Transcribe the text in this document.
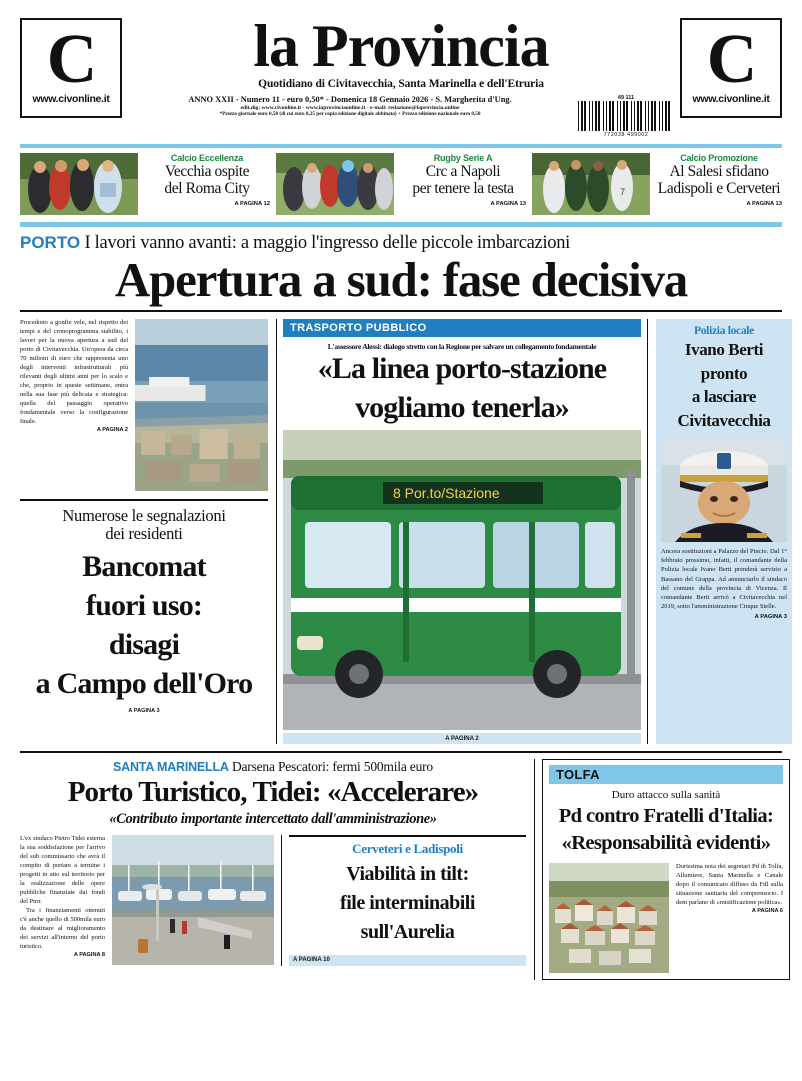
C
www.civonline.it
la Provincia
Quotidiano di Civitavecchia, Santa Marinella e dell'Etruria
ANNO XXII - Numero 11 - euro 0,50* - Domenica 18 Gennaio 2026 - S. Margherita d'Ung.
edit.dig: www.civonline.it - www.laprovinciaonline.it - e-mail: redazione@laprovincia.online
*Prezzo giornale euro 0,50 (di cui euro 0,25 per copia edizione digitale abbinata) + Prezzo edizione nazionale euro 0,50
49 111
772038 499002
C
www.civonline.it
Calcio Eccellenza
Vecchia ospite
del Roma City
A PAGINA 12
Rugby Serie A
Crc a Napoli
per tenere la testa
A PAGINA 13
9	7
Calcio Promozione
Al Salesi sfidano
Ladispoli e Cerveteri
A PAGINA 13
PORTO I lavori vanno avanti: a maggio l'ingresso delle piccole imbarcazioni
Apertura a sud: fase decisiva
Procedono a gonfie vele, nel rispetto dei tempi e del cronoprogramma stabilito, i lavori per la nuova apertura a sud del porto di Civitavecchia. Un'opera da circa 70 milioni di euro che rappresenta uno degli interventi infrastrutturali più rilevanti degli ultimi anni per lo scalo e che, proprio in queste settimane, entra nella sua fase più delicata e strategica: quella del passaggio operativo fondamentale verso la configurazione finale.
A PAGINA 2
Numerose le segnalazioni
dei residenti
Bancomat
fuori uso:
disagi
a Campo dell'Oro
A PAGINA 3
TRASPORTO PUBBLICO
L'assessore Alessi: dialogo stretto con la Regione per salvare un collegamento fondamentale
«La linea porto-stazione
vogliamo tenerla»
8 Por.to/Stazione
A PAGINA 2
Polizia locale
Ivano Berti
pronto
a lasciare
Civitavecchia
Ancora sostituzioni a Palazzo del Pincio. Dal 1° febbraio prossimo, infatti, il comandante della Polizia locale Ivano Berti prenderà servizio a Bassano del Grappa. Ad annunciarlo il sindaco del comune della provincia di Vicenza. Il comandante Berti arrivò a Civitavecchia nel 2019, sotto l'amministrazione Cinque Stelle.
A PAGINA 3
SANTA MARINELLA Darsena Pescatori: fermi 500mila euro
Porto Turistico, Tidei: «Accelerare»
«Contributo importante intercettato dall'amministrazione»
L'ex sindaco Pietro Tidei esterna la sua soddisfazione per l'arrivo del sub commissario che avrà il compito di portare a termine i progetti in atto sul territorio per la realizzazione delle opere pubbliche finanziate dai fondi del Pnrr.
Tra i finanziamenti ottenuti c'è anche quello di 500mila euro da destinare al miglioramento dei servizi all'interno del porto turistico.
A PAGINA 8
Cerveteri e Ladispoli
Viabilità in tilt:
file interminabili
sull'Aurelia
A PAGINA 10
TOLFA
Duro attacco sulla sanità
Pd contro Fratelli d'Italia:
«Responsabilità evidenti»
Durissima nota dei segretari Pd di Tolfa, Allumiere, Santa Marinella e Canale dopo il comunicato diffuso da Fdl sulla situazione sanitaria del comprensorio. I dem parlano di «mistificazione politica».
A PAGINA 6
